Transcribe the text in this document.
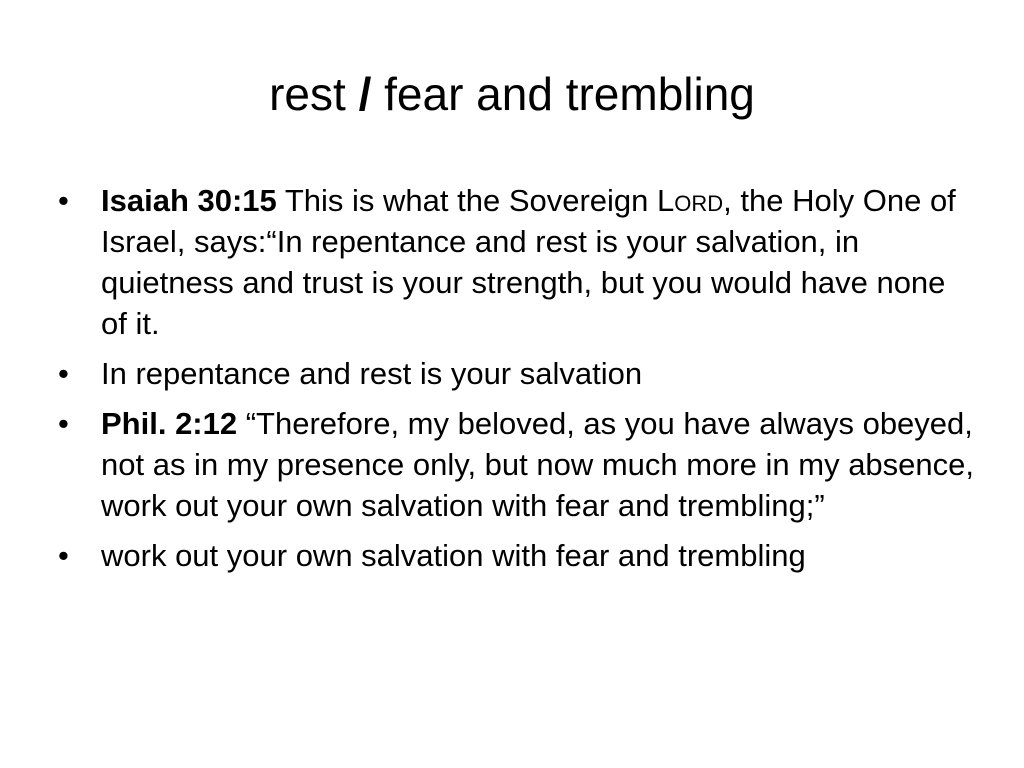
rest / fear and trembling
•	Isaiah 30:15 This is what the Sovereign Lord, the Holy One of Israel, says:“In repentance and rest is your salvation, in quietness and trust is your strength, but you would have none of it.
•	In repentance and rest is your salvation
•	Phil. 2:12 “Therefore, my beloved, as you have always obeyed, not as in my presence only, but now much more in my absence, work out your own salvation with fear and trembling;”
•	work out your own salvation with fear and trembling
